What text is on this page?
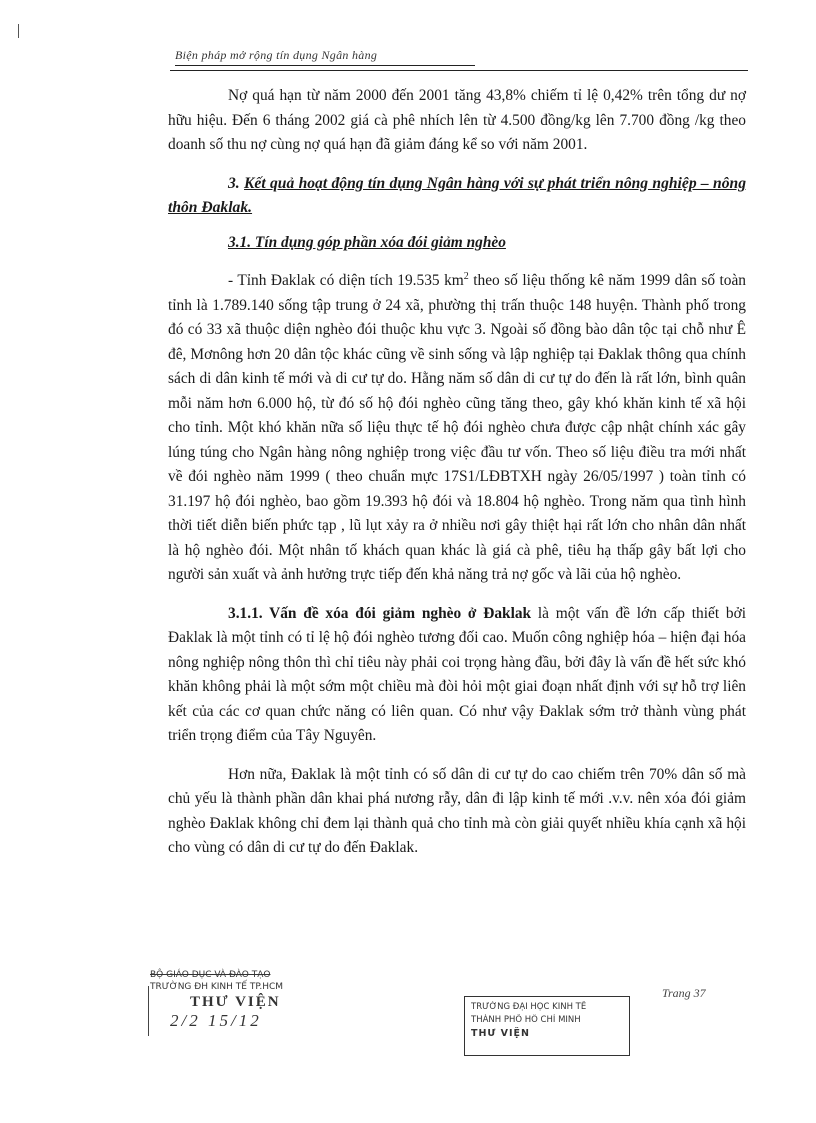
Biện pháp mở rộng tín dụng Ngân hàng

Nợ quá hạn từ năm 2000 đến 2001 tăng 43,8% chiếm tỉ lệ 0,42% trên tổng dư nợ hữu hiệu. Đến 6 tháng 2002 giá cà phê nhích lên từ 4.500 đồng/kg lên 7.700 đồng /kg theo doanh số thu nợ cùng nợ quá hạn đã giảm đáng kể so với năm 2001.

3. Kết quả hoạt động tín dụng Ngân hàng với sự phát triển nông nghiệp – nông thôn Đaklak.

3.1. Tín dụng góp phần xóa đói giảm nghèo

- Tỉnh Đaklak có diện tích 19.535 $km^2$ theo số liệu thống kê năm 1999 dân số toàn tỉnh là 1.789.140 sống tập trung ở 24 xã, phường thị trấn thuộc 148 huyện. Thành phố trong đó có 33 xã thuộc diện nghèo đói thuộc khu vực 3. Ngoài số đồng bào dân tộc tại chỗ như Ê đê, Mơnông hơn 20 dân tộc khác cũng về sinh sống và lập nghiệp tại Đaklak thông qua chính sách di dân kinh tế mới và di cư tự do. Hằng năm số dân di cư tự do đến là rất lớn, bình quân mỗi năm hơn 6.000 hộ, từ đó số hộ đói nghèo cũng tăng theo, gây khó khăn kinh tế xã hội cho tỉnh. Một khó khăn nữa số liệu thực tế hộ đói nghèo chưa được cập nhật chính xác gây lúng túng cho Ngân hàng nông nghiệp trong việc đầu tư vốn. Theo số liệu điều tra mới nhất về đói nghèo năm 1999 ( theo chuẩn mực 17S1/LĐBTXH ngày 26/05/1997 ) toàn tỉnh có 31.197 hộ đói nghèo, bao gồm 19.393 hộ đói và 18.804 hộ nghèo. Trong năm qua tình hình thời tiết diễn biến phức tạp , lũ lụt xảy ra ở nhiều nơi gây thiệt hại rất lớn cho nhân dân nhất là hộ nghèo đói. Một nhân tố khách quan khác là giá cà phê, tiêu hạ thấp gây bất lợi cho người sản xuất và ảnh hưởng trực tiếp đến khả năng trả nợ gốc và lãi của hộ nghèo.

3.1.1. Vấn đề xóa đói giảm nghèo ở Đaklak là một vấn đề lớn cấp thiết bởi Đaklak là một tỉnh có tỉ lệ hộ đói nghèo tương đối cao. Muốn công nghiệp hóa – hiện đại hóa nông nghiệp nông thôn thì chỉ tiêu này phải coi trọng hàng đầu, bởi đây là vấn đề hết sức khó khăn không phải là một sớm một chiều mà đòi hỏi một giai đoạn nhất định với sự hỗ trợ liên kết của các cơ quan chức năng có liên quan. Có như vậy Đaklak sớm trở thành vùng phát triển trọng điểm của Tây Nguyên.

Hơn nữa, Đaklak là một tỉnh có số dân di cư tự do cao chiếm trên 70% dân số mà chủ yếu là thành phần dân khai phá nương rẫy, dân đi lập kinh tế mới .v.v. nên xóa đói giảm nghèo Đaklak không chỉ đem lại thành quả cho tỉnh mà còn giải quyết nhiều khía cạnh xã hội cho vùng có dân di cư tự do đến Đaklak.

BỘ GIÁO DỤC VÀ ĐÀO TẠO
TRƯỜNG ĐH KINH TẾ TP.HCM
THƯ VIỆN
2/2 15/12
Trang 37
TRƯỜNG ĐẠI HỌC KINH TẾ
THÀNH PHỐ HỒ CHÍ MINH
THƯ VIỆN
